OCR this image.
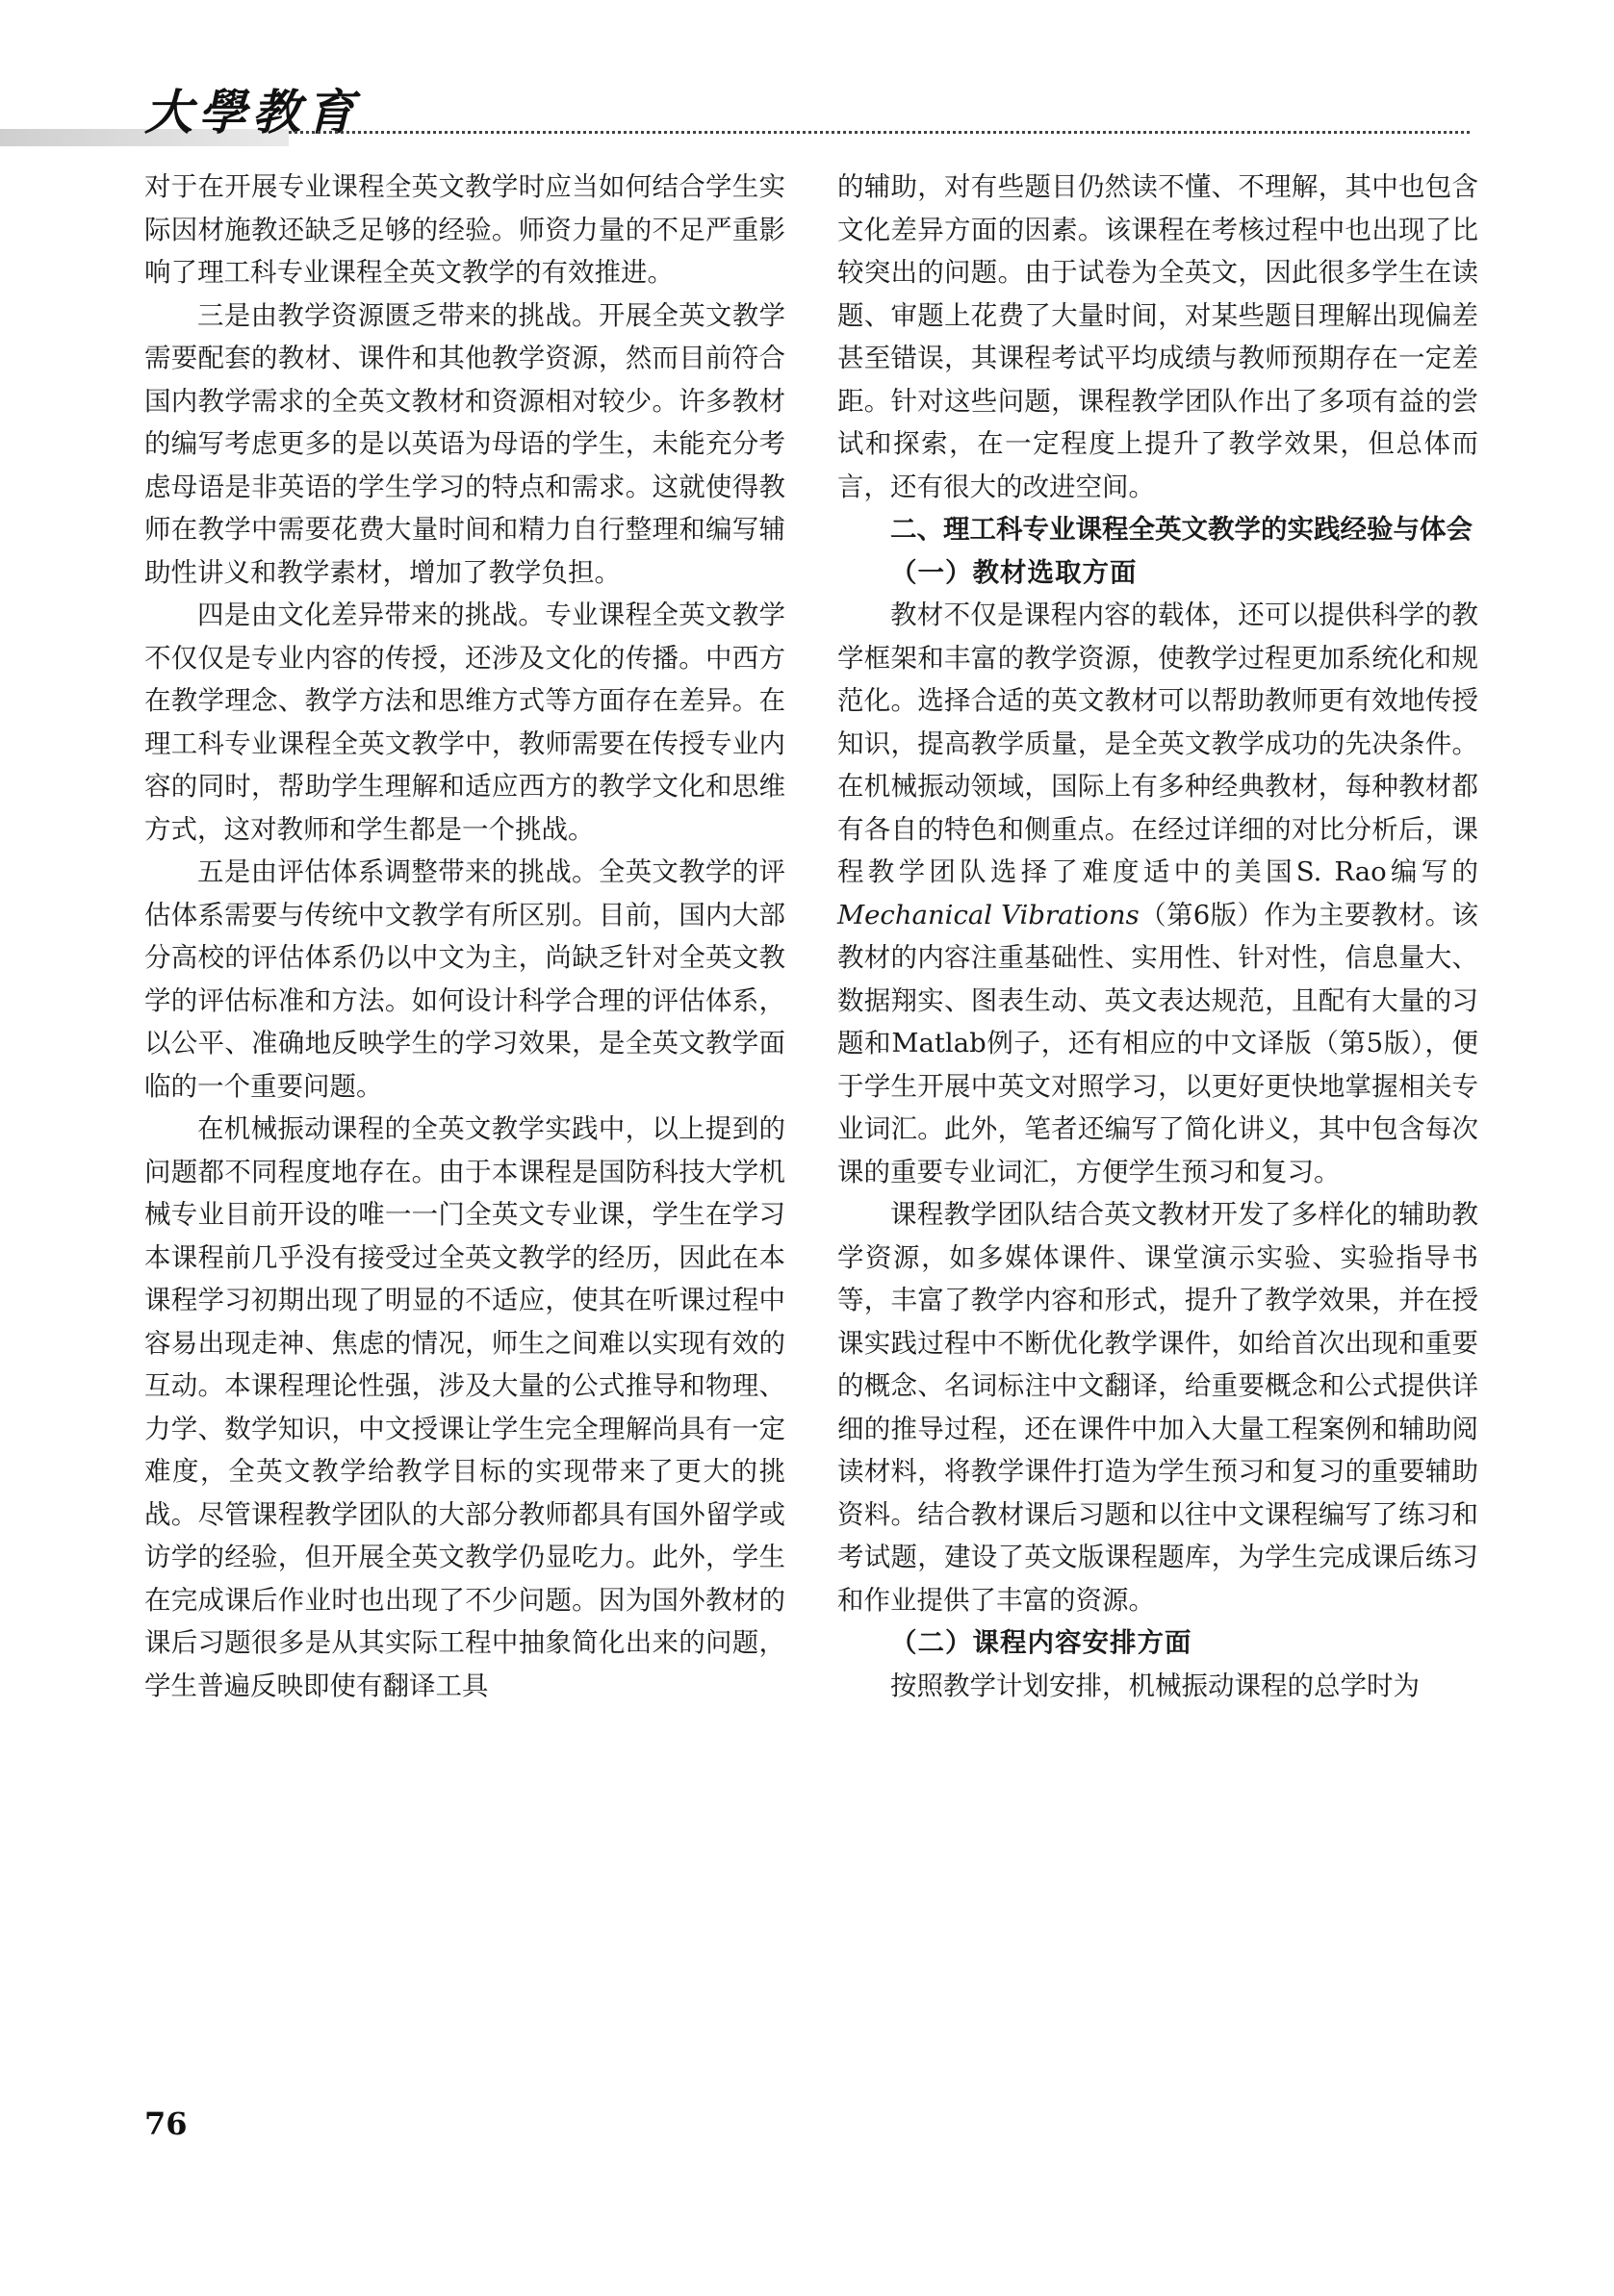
大學教育

对于在开展专业课程全英文教学时应当如何结合学生实际因材施教还缺乏足够的经验。师资力量的不足严重影响了理工科专业课程全英文教学的有效推进。

三是由教学资源匮乏带来的挑战。开展全英文教学需要配套的教材、课件和其他教学资源，然而目前符合国内教学需求的全英文教材和资源相对较少。许多教材的编写考虑更多的是以英语为母语的学生，未能充分考虑母语是非英语的学生学习的特点和需求。这就使得教师在教学中需要花费大量时间和精力自行整理和编写辅助性讲义和教学素材，增加了教学负担。

四是由文化差异带来的挑战。专业课程全英文教学不仅仅是专业内容的传授，还涉及文化的传播。中西方在教学理念、教学方法和思维方式等方面存在差异。在理工科专业课程全英文教学中，教师需要在传授专业内容的同时，帮助学生理解和适应西方的教学文化和思维方式，这对教师和学生都是一个挑战。

五是由评估体系调整带来的挑战。全英文教学的评估体系需要与传统中文教学有所区别。目前，国内大部分高校的评估体系仍以中文为主，尚缺乏针对全英文教学的评估标准和方法。如何设计科学合理的评估体系，以公平、准确地反映学生的学习效果，是全英文教学面临的一个重要问题。

在机械振动课程的全英文教学实践中，以上提到的问题都不同程度地存在。由于本课程是国防科技大学机械专业目前开设的唯一一门全英文专业课，学生在学习本课程前几乎没有接受过全英文教学的经历，因此在本课程学习初期出现了明显的不适应，使其在听课过程中容易出现走神、焦虑的情况，师生之间难以实现有效的互动。本课程理论性强，涉及大量的公式推导和物理、力学、数学知识，中文授课让学生完全理解尚具有一定难度，全英文教学给教学目标的实现带来了更大的挑战。尽管课程教学团队的大部分教师都具有国外留学或访学的经验，但开展全英文教学仍显吃力。此外，学生在完成课后作业时也出现了不少问题。因为国外教材的课后习题很多是从其实际工程中抽象简化出来的问题，学生普遍反映即使有翻译工具

的辅助，对有些题目仍然读不懂、不理解，其中也包含文化差异方面的因素。该课程在考核过程中也出现了比较突出的问题。由于试卷为全英文，因此很多学生在读题、审题上花费了大量时间，对某些题目理解出现偏差甚至错误，其课程考试平均成绩与教师预期存在一定差距。针对这些问题，课程教学团队作出了多项有益的尝试和探索，在一定程度上提升了教学效果，但总体而言，还有很大的改进空间。

二、理工科专业课程全英文教学的实践经验与体会

（一）教材选取方面

教材不仅是课程内容的载体，还可以提供科学的教学框架和丰富的教学资源，使教学过程更加系统化和规范化。选择合适的英文教材可以帮助教师更有效地传授知识，提高教学质量，是全英文教学成功的先决条件。在机械振动领域，国际上有多种经典教材，每种教材都有各自的特色和侧重点。在经过详细的对比分析后，课程教学团队选择了难度适中的美国S. Rao编写的Mechanical Vibrations（第6版）作为主要教材。该教材的内容注重基础性、实用性、针对性，信息量大、数据翔实、图表生动、英文表达规范，且配有大量的习题和Matlab例子，还有相应的中文译版（第5版），便于学生开展中英文对照学习，以更好更快地掌握相关专业词汇。此外，笔者还编写了简化讲义，其中包含每次课的重要专业词汇，方便学生预习和复习。

课程教学团队结合英文教材开发了多样化的辅助教学资源，如多媒体课件、课堂演示实验、实验指导书等，丰富了教学内容和形式，提升了教学效果，并在授课实践过程中不断优化教学课件，如给首次出现和重要的概念、名词标注中文翻译，给重要概念和公式提供详细的推导过程，还在课件中加入大量工程案例和辅助阅读材料，将教学课件打造为学生预习和复习的重要辅助资料。结合教材课后习题和以往中文课程编写了练习和考试题，建设了英文版课程题库，为学生完成课后练习和作业提供了丰富的资源。

（二）课程内容安排方面

按照教学计划安排，机械振动课程的总学时为

76
